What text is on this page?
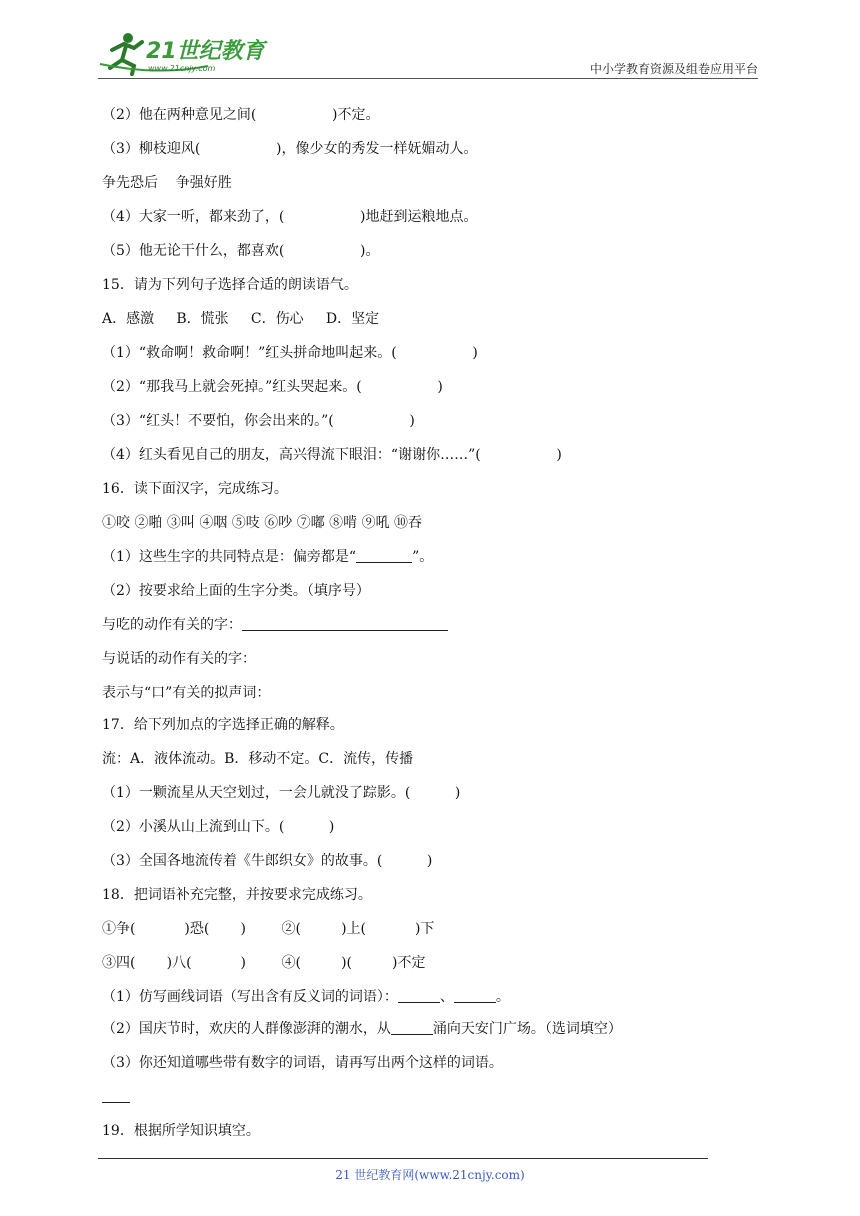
21世纪教育
www.21cnjy.com	中小学教育资源及组卷应用平台
（2）他在两种意见之间(                 )不定。
（3）柳枝迎风(                 )，像少女的秀发一样妩媚动人。
争先恐后    争强好胜
（4）大家一听，都来劲了，(                 )地赶到运粮地点。
（5）他无论干什么，都喜欢(                 )。
15．请为下列句子选择合适的朗读语气。
A．感激     B．慌张     C．伤心     D．坚定
（1）“救命啊！救命啊！”红头拼命地叫起来。(                 )
（2）“那我马上就会死掉。”红头哭起来。(                 )
（3）“红头！不要怕，你会出来的。”(                 )
（4）红头看见自己的朋友，高兴得流下眼泪：“谢谢你……”(                 )
16．读下面汉字，完成练习。
①咬 ②啪 ③叫 ④咽 ⑤吱 ⑥吵 ⑦嘟 ⑧啃 ⑨吼 ⑩吞
（1）这些生字的共同特点是：偏旁都是“	”。
（2）按要求给上面的生字分类。（填序号）
与吃的动作有关的字：
与说话的动作有关的字：
表示与“口”有关的拟声词：
17．给下列加点的字选择正确的解释。
流：A．液体流动。B．移动不定。C．流传，传播
（1）一颗流星从天空划过，一会儿就没了踪影。(          )
（2）小溪从山上流到山下。(          )
（3）全国各地流传着《牛郎织女》的故事。(          )
18．把词语补充完整，并按要求完成练习。
①争(           )恐(       )        ②(         )上(           )下
③四(       )八(           )        ④(         )(         )不定
（1）仿写画线词语（写出含有反义词的词语）：	、	。
（2）国庆节时，欢庆的人群像澎湃的潮水，从	涌向天安门广场。（选词填空）
（3）你还知道哪些带有数字的词语，请再写出两个这样的词语。
19．根据所学知识填空。
21 世纪教育网(www.21cnjy.com)
